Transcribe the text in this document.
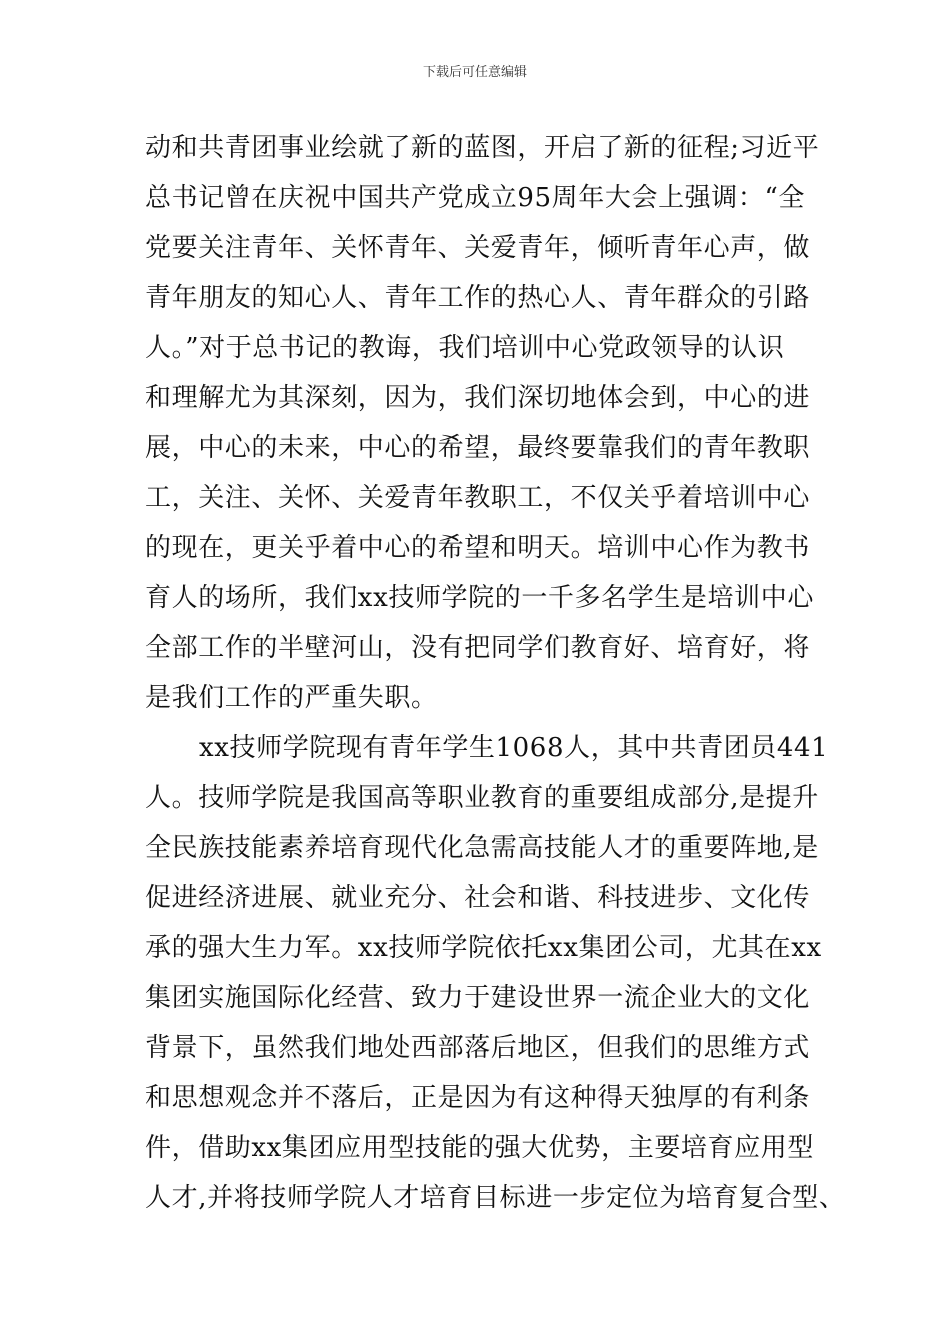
下载后可任意编辑
动和共青团事业绘就了新的蓝图，开启了新的征程;习近平
总书记曾在庆祝中国共产党成立95周年大会上强调：“全
党要关注青年、关怀青年、关爱青年，倾听青年心声，做
青年朋友的知心人、青年工作的热心人、青年群众的引路
人。”对于总书记的教诲，我们培训中心党政领导的认识
和理解尤为其深刻，因为，我们深切地体会到，中心的进
展，中心的未来，中心的希望，最终要靠我们的青年教职
工，关注、关怀、关爱青年教职工，不仅关乎着培训中心
的现在，更关乎着中心的希望和明天。培训中心作为教书
育人的场所，我们xx技师学院的一千多名学生是培训中心
全部工作的半壁河山，没有把同学们教育好、培育好，将
是我们工作的严重失职。
xx技师学院现有青年学生1068人，其中共青团员441
人。技师学院是我国高等职业教育的重要组成部分,是提升
全民族技能素养培育现代化急需高技能人才的重要阵地,是
促进经济进展、就业充分、社会和谐、科技进步、文化传
承的强大生力军。xx技师学院依托xx集团公司，尤其在xx
集团实施国际化经营、致力于建设世界一流企业大的文化
背景下，虽然我们地处西部落后地区，但我们的思维方式
和思想观念并不落后，正是因为有这种得天独厚的有利条
件，借助xx集团应用型技能的强大优势，主要培育应用型
人才,并将技师学院人才培育目标进一步定位为培育复合型、
